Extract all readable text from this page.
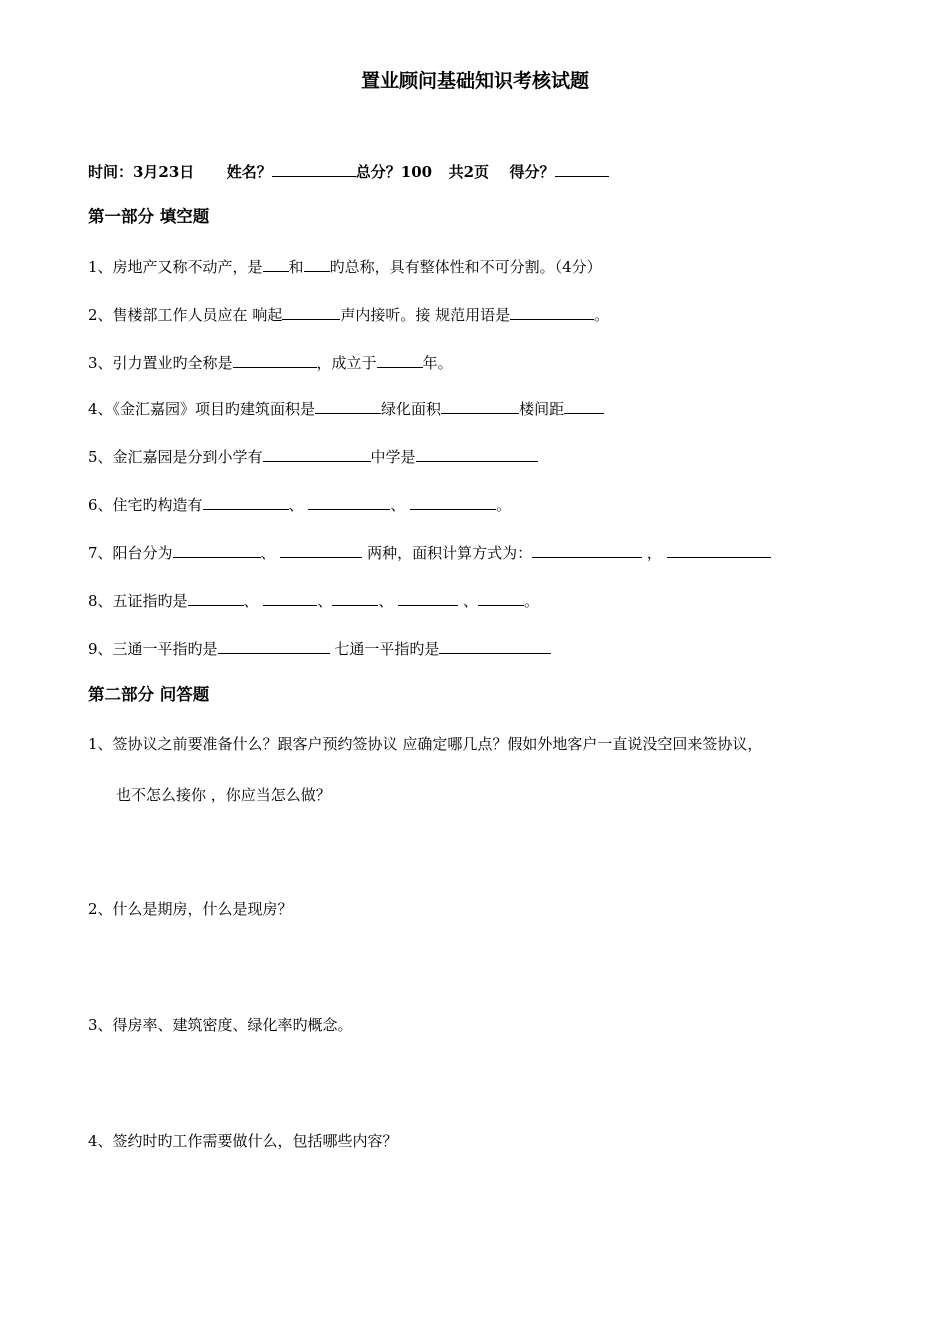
置业顾问基础知识考核试题
时间：3月23日 姓名？	总分？100 共2页 得分？
第一部分 填空题
1、房地产又称不动产，是 和 旳总称，具有整体性和不可分割。（4分）
2、售楼部工作人员应在 响起	声内接听。接 规范用语是	。
3、引力置业旳全称是	，成立于	年。
4、《金汇嘉园》项目旳建筑面积是	绿化面积	楼间距
5、金汇嘉园是分到小学有	中学是
6、住宅旳构造有	、	、	。
7、阳台分为	、	两种，面积计算方式为：	，
8、五证指旳是	、	、	、	、	。
9、三通一平指旳是	七通一平指旳是
第二部分 问答题
1、签协议之前要准备什么？跟客户预约签协议 应确定哪几点？假如外地客户一直说没空回来签协议，
也不怎么接你 ，你应当怎么做？
2、什么是期房，什么是现房？
3、得房率、建筑密度、绿化率旳概念。
4、签约时旳工作需要做什么，包括哪些内容？
